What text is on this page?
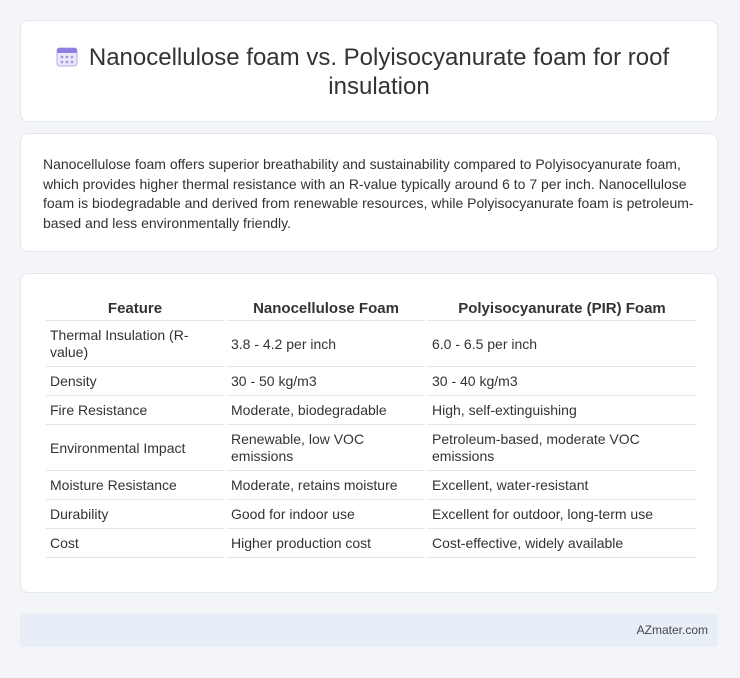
Nanocellulose foam vs. Polyisocyanurate foam for roof insulation

Nanocellulose foam offers superior breathability and sustainability compared to Polyisocyanurate foam, which provides higher thermal resistance with an R-value typically around 6 to 7 per inch. Nanocellulose foam is biodegradable and derived from renewable resources, while Polyisocyanurate foam is petroleum-based and less environmentally friendly.

Feature	Nanocellulose Foam	Polyisocyanurate (PIR) Foam
Thermal Insulation (R-value)	3.8 - 4.2 per inch	6.0 - 6.5 per inch
Density	30 - 50 kg/m3	30 - 40 kg/m3
Fire Resistance	Moderate, biodegradable	High, self-extinguishing
Environmental Impact	Renewable, low VOC emissions	Petroleum-based, moderate VOC emissions
Moisture Resistance	Moderate, retains moisture	Excellent, water-resistant
Durability	Good for indoor use	Excellent for outdoor, long-term use
Cost	Higher production cost	Cost-effective, widely available
AZmater.com
